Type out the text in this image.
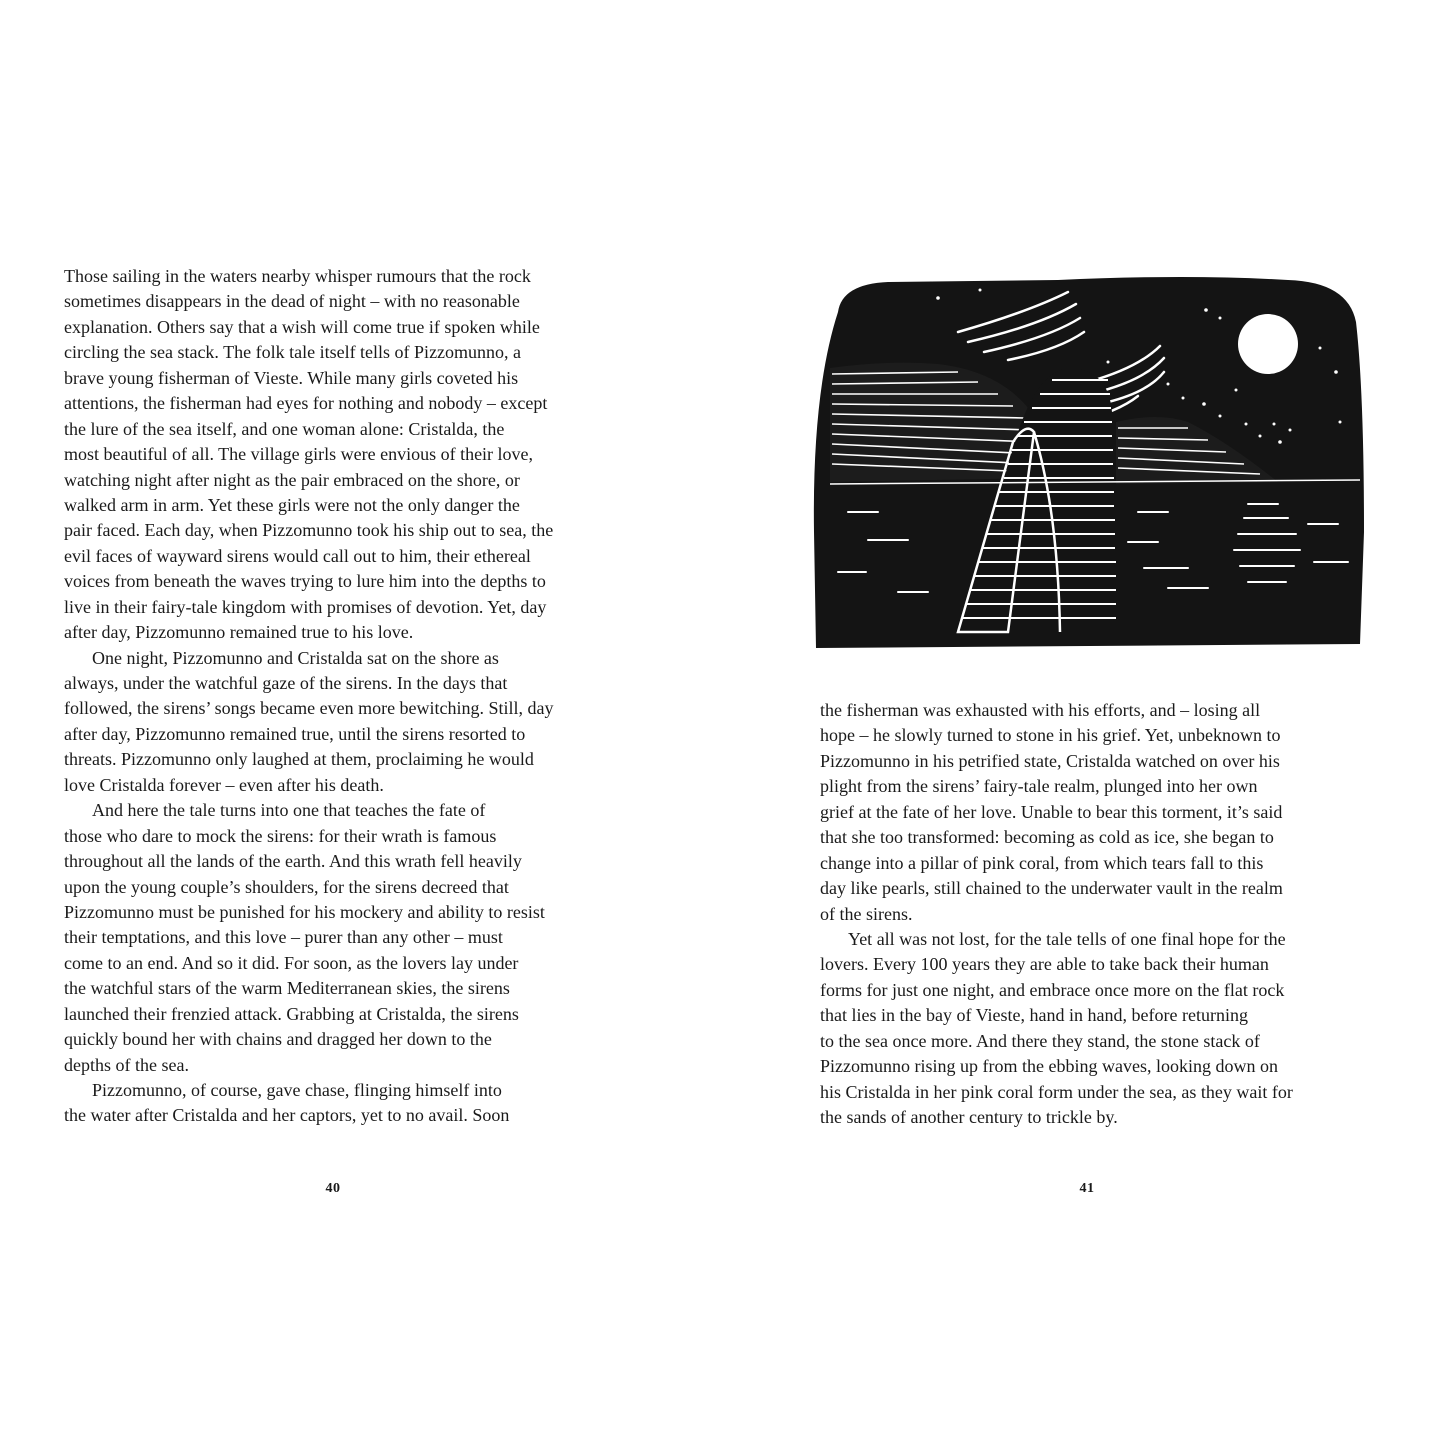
Those sailing in the waters nearby whisper rumours that the rock
sometimes disappears in the dead of night – with no reasonable
explanation. Others say that a wish will come true if spoken while
circling the sea stack. The folk tale itself tells of Pizzomunno, a
brave young fisherman of Vieste. While many girls coveted his
attentions, the fisherman had eyes for nothing and nobody – except
the lure of the sea itself, and one woman alone: Cristalda, the
most beautiful of all. The village girls were envious of their love,
watching night after night as the pair embraced on the shore, or
walked arm in arm. Yet these girls were not the only danger the
pair faced. Each day, when Pizzomunno took his ship out to sea, the
evil faces of wayward sirens would call out to him, their ethereal
voices from beneath the waves trying to lure him into the depths to
live in their fairy-tale kingdom with promises of devotion. Yet, day
after day, Pizzomunno remained true to his love.
One night, Pizzomunno and Cristalda sat on the shore as
always, under the watchful gaze of the sirens. In the days that
followed, the sirens’ songs became even more bewitching. Still, day
after day, Pizzomunno remained true, until the sirens resorted to
threats. Pizzomunno only laughed at them, proclaiming he would
love Cristalda forever – even after his death.
And here the tale turns into one that teaches the fate of
those who dare to mock the sirens: for their wrath is famous
throughout all the lands of the earth. And this wrath fell heavily
upon the young couple’s shoulders, for the sirens decreed that
Pizzomunno must be punished for his mockery and ability to resist
their temptations, and this love – purer than any other – must
come to an end. And so it did. For soon, as the lovers lay under
the watchful stars of the warm Mediterranean skies, the sirens
launched their frenzied attack. Grabbing at Cristalda, the sirens
quickly bound her with chains and dragged her down to the
depths of the sea.
Pizzomunno, of course, gave chase, flinging himself into
the water after Cristalda and her captors, yet to no avail. Soon
the fisherman was exhausted with his efforts, and – losing all
hope – he slowly turned to stone in his grief. Yet, unbeknown to
Pizzomunno in his petrified state, Cristalda watched on over his
plight from the sirens’ fairy-tale realm, plunged into her own
grief at the fate of her love. Unable to bear this torment, it’s said
that she too transformed: becoming as cold as ice, she began to
change into a pillar of pink coral, from which tears fall to this
day like pearls, still chained to the underwater vault in the realm
of the sirens.
Yet all was not lost, for the tale tells of one final hope for the
lovers. Every 100 years they are able to take back their human
forms for just one night, and embrace once more on the flat rock
that lies in the bay of Vieste, hand in hand, before returning
to the sea once more. And there they stand, the stone stack of
Pizzomunno rising up from the ebbing waves, looking down on
his Cristalda in her pink coral form under the sea, as they wait for
the sands of another century to trickle by.
40	41
